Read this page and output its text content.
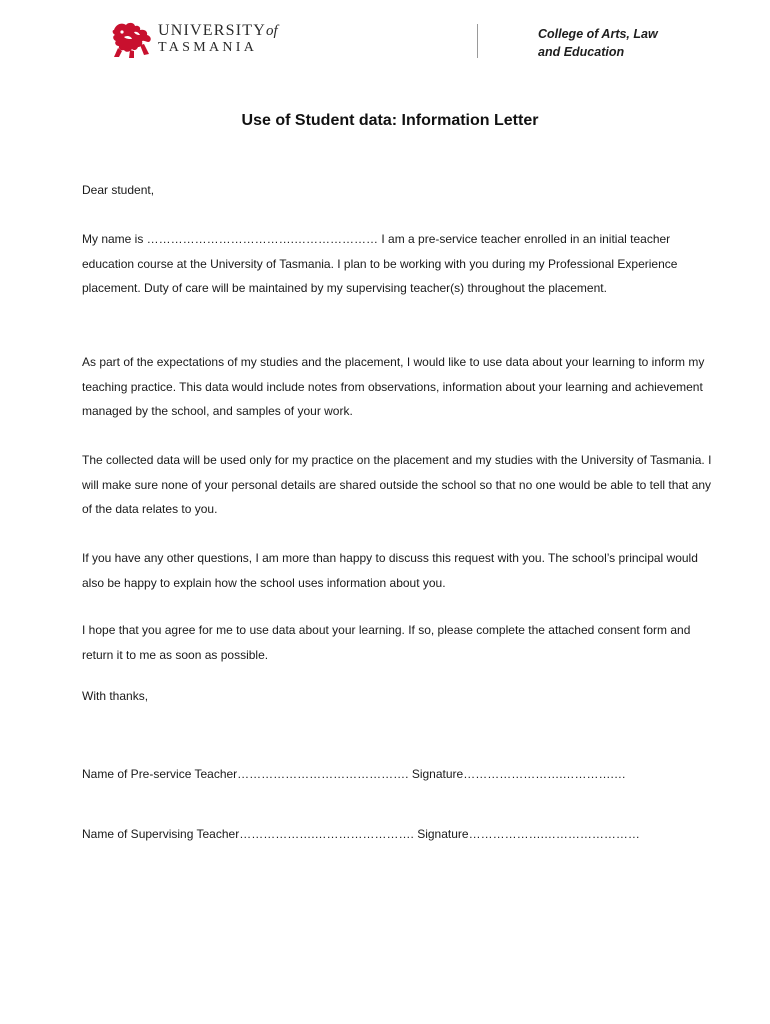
UNIVERSITYof
TASMANIA
College of Arts, Law
and Education
Use of Student data: Information Letter

Dear student,

My name is ……………………………….………………… I am a pre-service teacher enrolled in an initial teacher education course at the University of Tasmania. I plan to be working with you during my Professional Experience placement. Duty of care will be maintained by my supervising teacher(s) throughout the placement.

As part of the expectations of my studies and the placement, I would like to use data about your learning to inform my teaching practice. This data would include notes from observations, information about your learning and achievement managed by the school, and samples of your work.

The collected data will be used only for my practice on the placement and my studies with the University of Tasmania. I will make sure none of your personal details are shared outside the school so that no one would be able to tell that any of the data relates to you.

If you have any other questions, I am more than happy to discuss this request with you. The school’s principal would also be happy to explain how the school uses information about you.

I hope that you agree for me to use data about your learning. If so, please complete the attached consent form and return it to me as soon as possible.

With thanks,

Name of Pre-service Teacher……………………………………. Signature…………………….………….…
Name of Supervising Teacher……………….……………………. Signature……………….……………………
